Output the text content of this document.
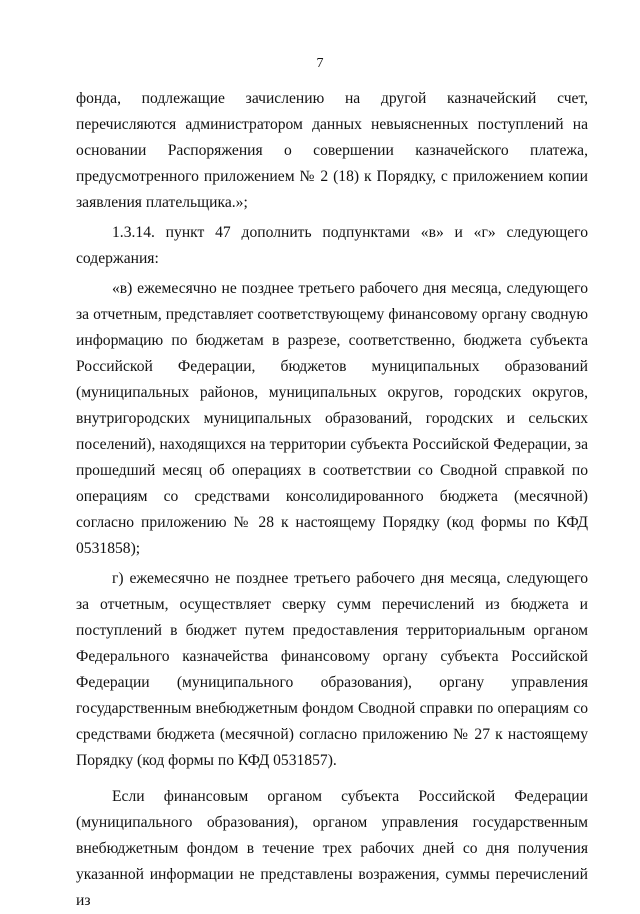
7

фонда, подлежащие зачислению на другой казначейский счет, перечисляются администратором данных невыясненных поступлений на основании Распоряжения о совершении казначейского платежа, предусмотренного приложением № 2 (18) к Порядку, с приложением копии заявления плательщика.»;

1.3.14. пункт 47 дополнить подпунктами «в» и «г» следующего содержания:

«в) ежемесячно не позднее третьего рабочего дня месяца, следующего за отчетным, представляет соответствующему финансовому органу сводную информацию по бюджетам в разрезе, соответственно, бюджета субъекта Российской Федерации, бюджетов муниципальных образований (муниципальных районов, муниципальных округов, городских округов, внутригородских муниципальных образований, городских и сельских поселений), находящихся на территории субъекта Российской Федерации, за прошедший месяц об операциях в соответствии со Сводной справкой по операциям со средствами консолидированного бюджета (месячной) согласно приложению № 28 к настоящему Порядку (код формы по КФД 0531858);

г) ежемесячно не позднее третьего рабочего дня месяца, следующего за отчетным, осуществляет сверку сумм перечислений из бюджета и поступлений в бюджет путем предоставления территориальным органом Федерального казначейства финансовому органу субъекта Российской Федерации (муниципального образования), органу управления государственным внебюджетным фондом Сводной справки по операциям со средствами бюджета (месячной) согласно приложению № 27 к настоящему Порядку (код формы по КФД 0531857).

Если финансовым органом субъекта Российской Федерации (муниципального образования), органом управления государственным внебюджетным фондом в течение трех рабочих дней со дня получения указанной информации не представлены возражения, суммы перечислений из
